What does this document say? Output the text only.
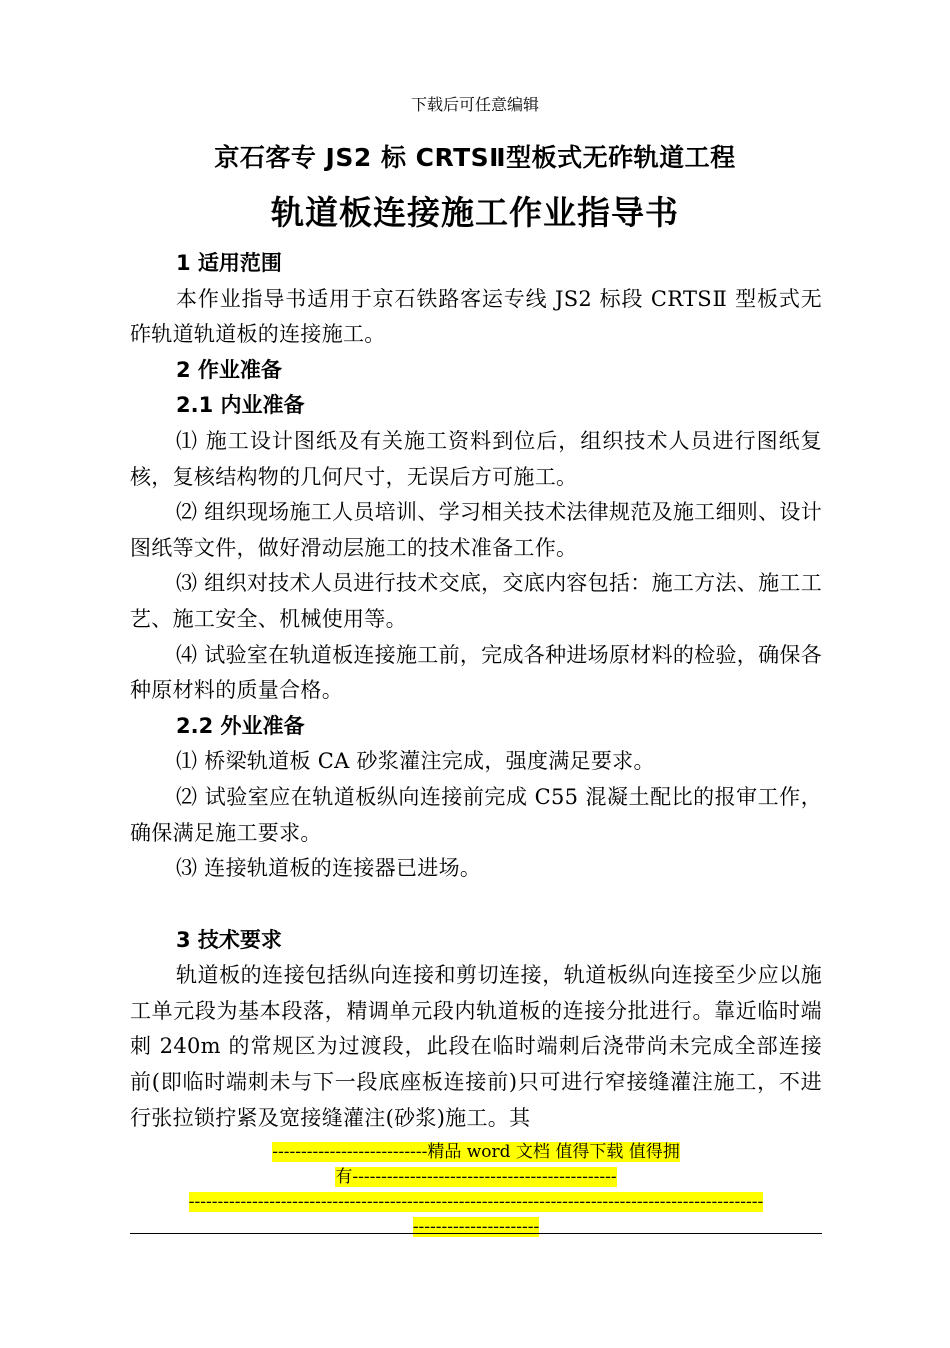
下载后可任意编辑
京石客专 JS2 标 CRTSⅡ型板式无砟轨道工程
轨道板连接施工作业指导书

1 适用范围

本作业指导书适用于京石铁路客运专线 JS2 标段 CRTSⅡ 型板式无砟轨道轨道板的连接施工。

2 作业准备

2.1 内业准备

⑴ 施工设计图纸及有关施工资料到位后，组织技术人员进行图纸复核，复核结构物的几何尺寸，无误后方可施工。

⑵ 组织现场施工人员培训、学习相关技术法律规范及施工细则、设计图纸等文件，做好滑动层施工的技术准备工作。

⑶ 组织对技术人员进行技术交底，交底内容包括：施工方法、施工工艺、施工安全、机械使用等。

⑷ 试验室在轨道板连接施工前，完成各种进场原材料的检验，确保各种原材料的质量合格。

2.2 外业准备

⑴ 桥梁轨道板 CA 砂浆灌注完成，强度满足要求。

⑵ 试验室应在轨道板纵向连接前完成 C55 混凝土配比的报审工作，确保满足施工要求。

⑶ 连接轨道板的连接器已进场。

3 技术要求

轨道板的连接包括纵向连接和剪切连接，轨道板纵向连接至少应以施工单元段为基本段落，精调单元段内轨道板的连接分批进行。靠近临时端刺 240m 的常规区为过渡段，此段在临时端刺后浇带尚未完成全部连接前(即临时端刺未与下一段底座板连接前)只可进行窄接缝灌注施工，不进行张拉锁拧紧及宽接缝灌注(砂浆)施工。其

---------------------------精品 word 文档 值得下载 值得拥
有----------------------------------------------
----------------------------------------------------------------------------------------------------
----------------------
